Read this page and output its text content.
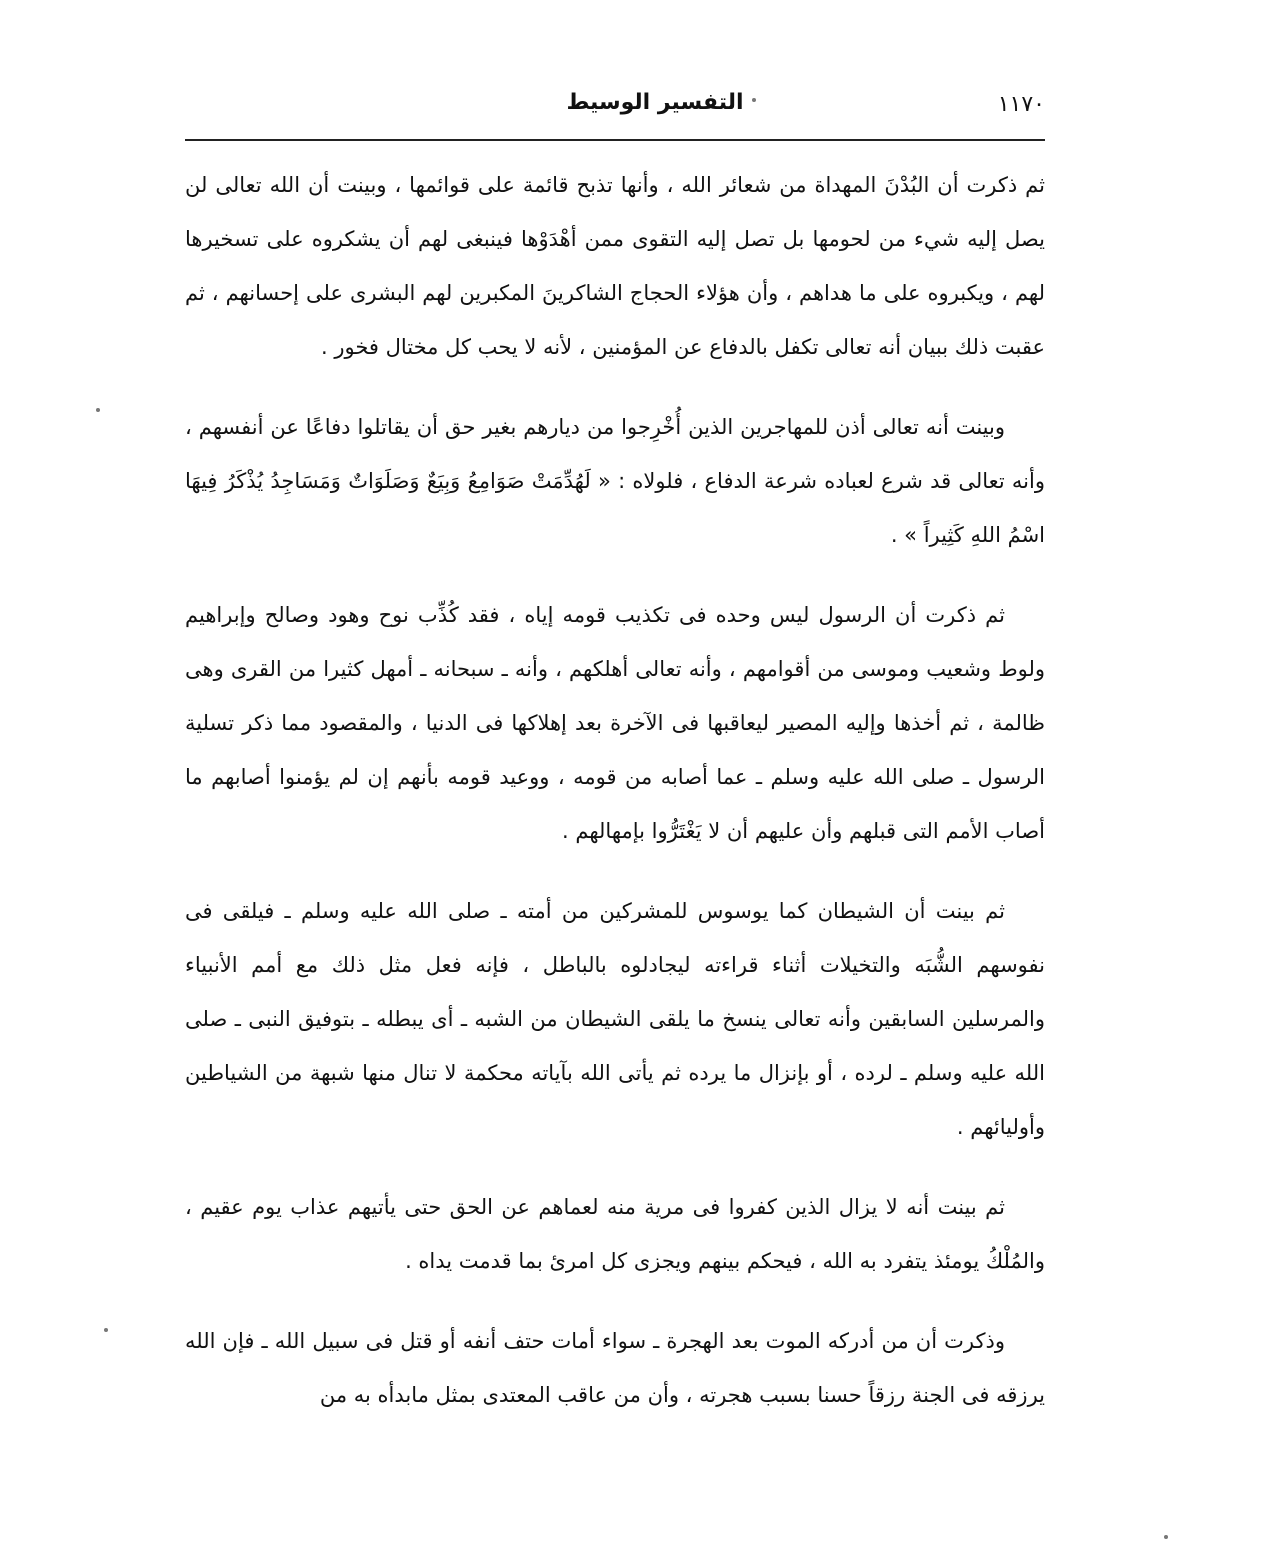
التفسير الوسيط	١١٧٠

ثم ذكرت أن البُدْنَ المهداة من شعائر الله ، وأنها تذبح قائمة على قوائمها ، وبينت أن الله تعالى لن يصل إليه شيء من لحومها بل تصل إليه التقوى ممن أهْدَوْها فينبغى لهم أن يشكروه على تسخيرها لهم ، ويكبروه على ما هداهم ، وأن هؤلاء الحجاج الشاكرينَ المكبرين لهم البشرى على إحسانهم ، ثم عقبت ذلك ببيان أنه تعالى تكفل بالدفاع عن المؤمنين ، لأنه لا يحب كل مختال فخور .

وبينت أنه تعالى أذن للمهاجرين الذين أُخْرِجوا من ديارهم بغير حق أن يقاتلوا دفاعًا عن أنفسهم ، وأنه تعالى قد شرع لعباده شرعة الدفاع ، فلولاه : « لَهُدِّمَتْ صَوَامِعُ وَبِيَعٌ وَصَلَوَاتٌ وَمَسَاجِدُ يُذْكَرُ فِيهَا اسْمُ اللهِ كَثِيراً » .

ثم ذكرت أن الرسول ليس وحده فى تكذيب قومه إياه ، فقد كُذِّب نوح وهود وصالح وإبراهيم ولوط وشعيب وموسى من أقوامهم ، وأنه تعالى أهلكهم ، وأنه ـ سبحانه ـ أمهل كثيرا من القرى وهى ظالمة ، ثم أخذها وإليه المصير ليعاقبها فى الآخرة بعد إهلاكها فى الدنيا ، والمقصود مما ذكر تسلية الرسول ـ صلى الله عليه وسلم ـ عما أصابه من قومه ، ووعيد قومه بأنهم إن لم يؤمنوا أصابهم ما أصاب الأمم التى قبلهم وأن عليهم أن لا يَغْتَرُّوا بإمهالهم .

ثم بينت أن الشيطان كما يوسوس للمشركين من أمته ـ صلى الله عليه وسلم ـ فيلقى فى نفوسهم الشُّبَه والتخيلات أثناء قراءته ليجادلوه بالباطل ، فإنه فعل مثل ذلك مع أمم الأنبياء والمرسلين السابقين وأنه تعالى ينسخ ما يلقى الشيطان من الشبه ـ أى يبطله ـ بتوفيق النبى ـ صلى الله عليه وسلم ـ لرده ، أو بإنزال ما يرده ثم يأتى الله بآياته محكمة لا تنال منها شبهة من الشياطين وأوليائهم .

ثم بينت أنه لا يزال الذين كفروا فى مرية منه لعماهم عن الحق حتى يأتيهم عذاب يوم عقيم ، والمُلْكُ يومئذ يتفرد به الله ، فيحكم بينهم ويجزى كل امرئ بما قدمت يداه .

وذكرت أن من أدركه الموت بعد الهجرة ـ سواء أمات حتف أنفه أو قتل فى سبيل الله ـ فإن الله يرزقه فى الجنة رزقاً حسنا بسبب هجرته ، وأن من عاقب المعتدى بمثل مابدأه به من
